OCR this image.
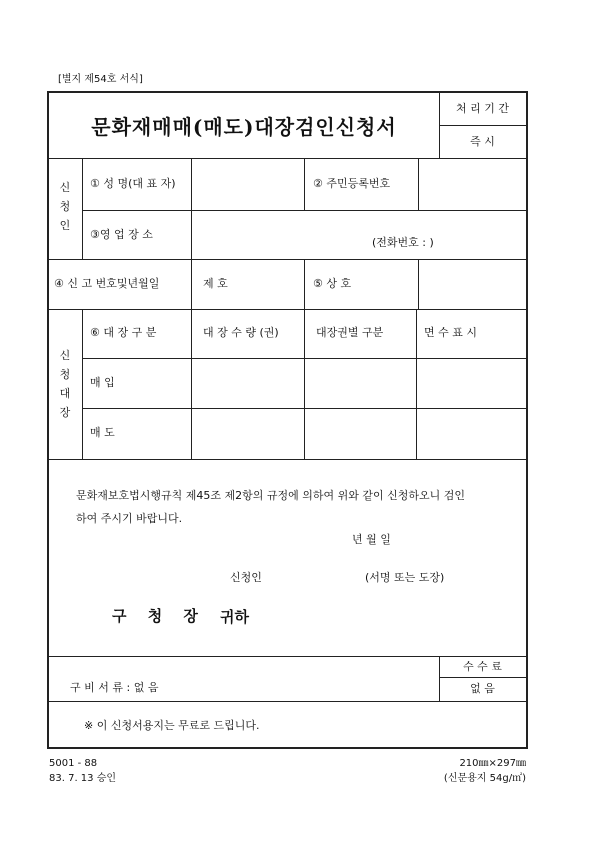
[별지 제54호 서식]
문화재매매(매도)대장검인신청서
처 리 기 간
즉 시
신
청
인
① 성 명(대 표 자)	② 주민등록번호
③영 업 장 소
(전화번호 : )
④ 신 고 번호및년월일	제 호	⑤ 상 호
신
청
대
장
⑥ 대 장 구 분	대 장 수 량 (권)	대장권별 구분	면 수 표 시
매 입
매 도
문화재보호법시행규칙 제45조 제2항의 규정에 의하여 위와 같이 신청하오니 검인
하여 주시기 바랍니다.
년 월 일
신청인	(서명 또는 도장)
구 청 장 귀하
구 비 서 류 : 없 음
수 수 료
없 음
※ 이 신청서용지는 무료로 드립니다.
5001 - 88
83. 7. 13 승인
210㎜×297㎜
(신문용지 54g/㎡)
